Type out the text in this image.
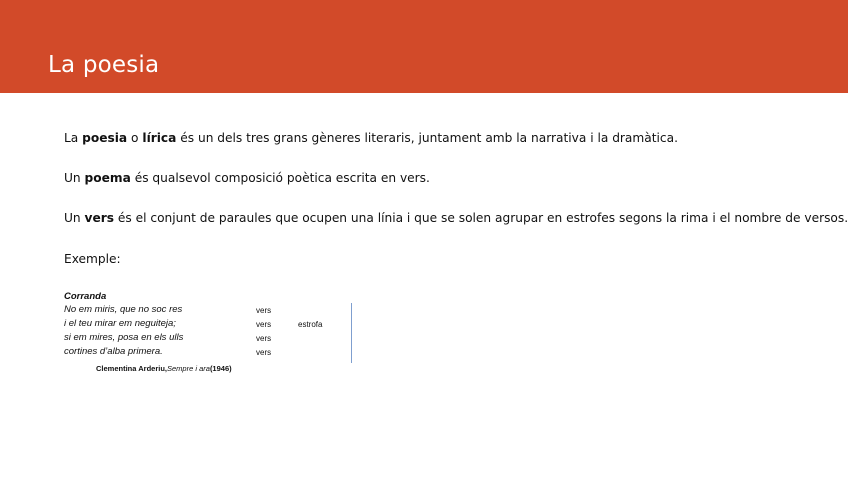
La poesia
La poesia o lírica és un dels tres grans gèneres literaris, juntament amb la narrativa i la dramàtica.
Un poema és qualsevol composició poètica escrita en vers.
Un vers és el conjunt de paraules que ocupen una línia i que se solen agrupar en estrofes segons la rima i el nombre de versos.
Exemple:
Corranda
No em miris, que no soc res
i el teu mirar em neguiteja;
si em mires, posa en els ulls
cortines d’alba primera.
vers
vers
vers
vers
estrofa
Clementina Arderiu,Sempre i ara(1946)
